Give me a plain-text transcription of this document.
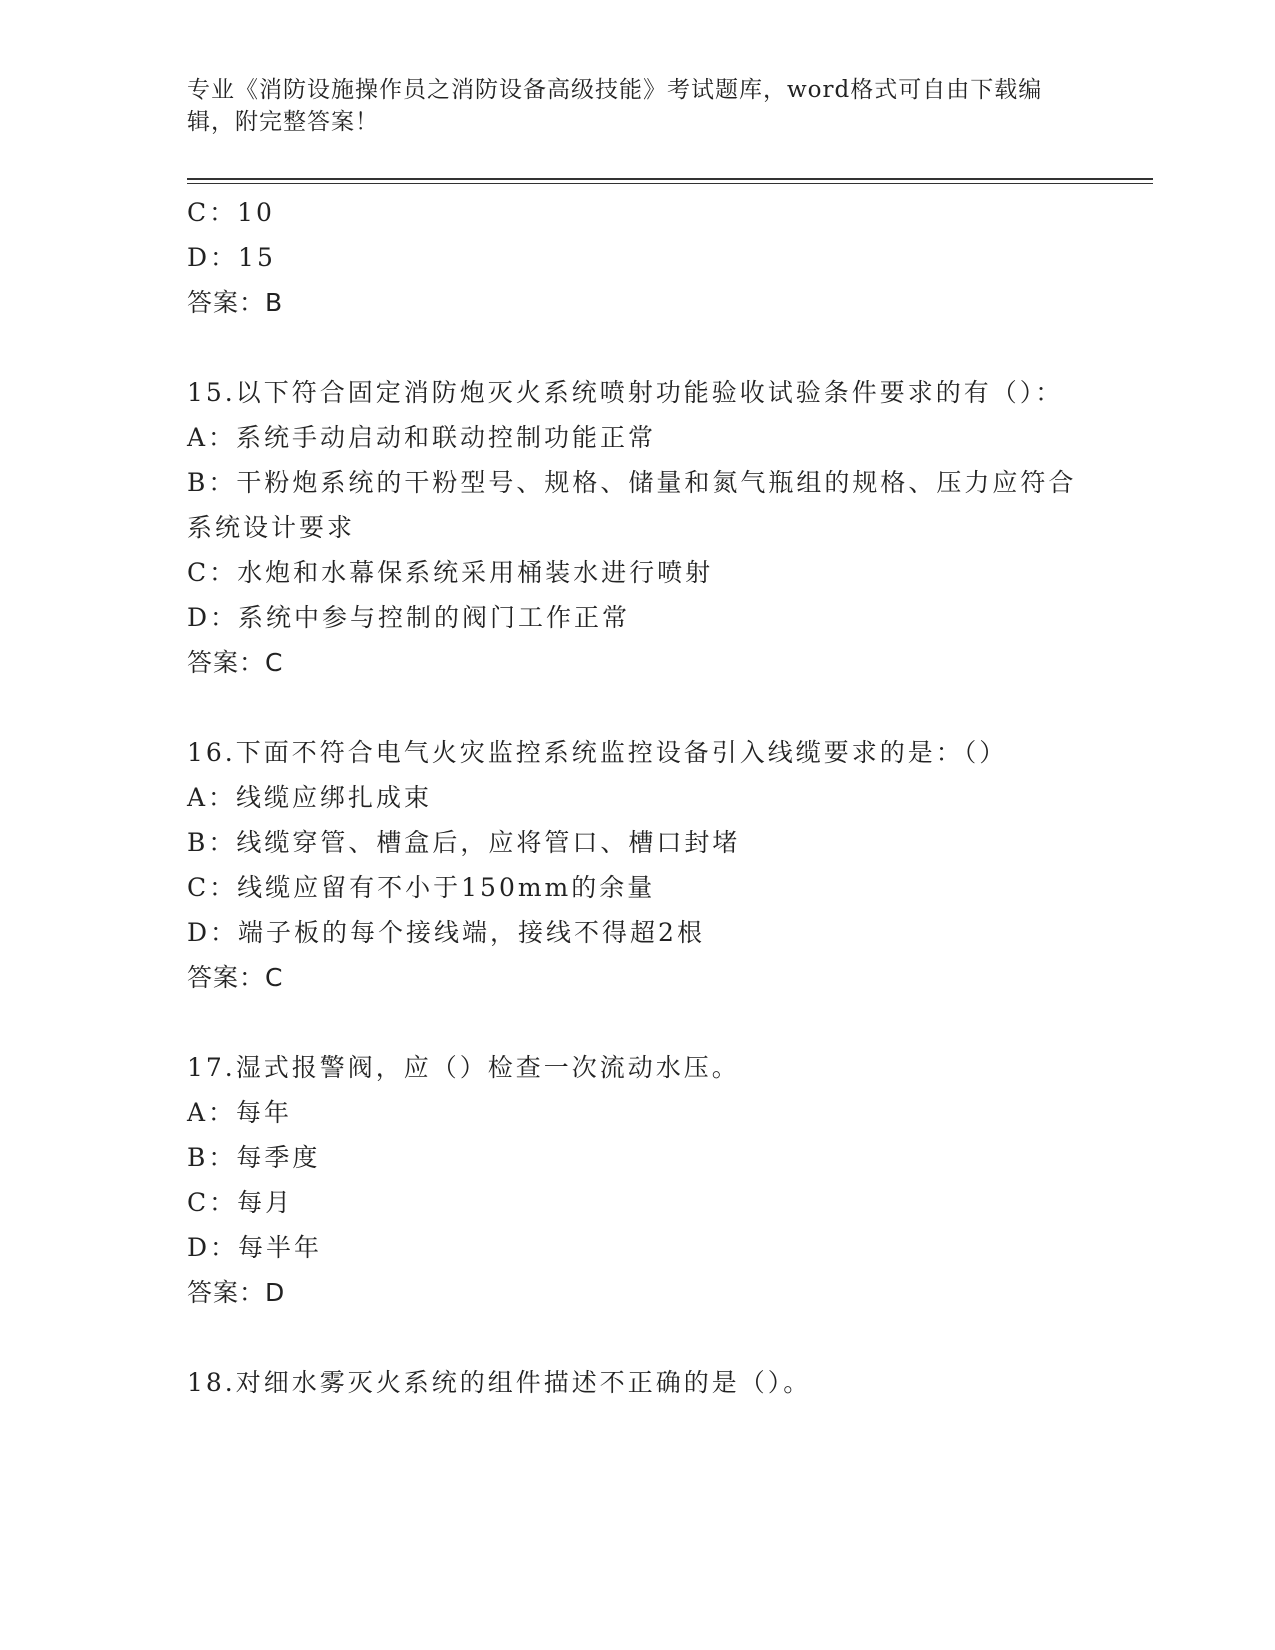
专业《消防设施操作员之消防设备高级技能》考试题库，word格式可自由下载编辑，附完整答案！
C：10
D：15
答案：B
15.以下符合固定消防炮灭火系统喷射功能验收试验条件要求的有（）：
A：系统手动启动和联动控制功能正常
B：干粉炮系统的干粉型号、规格、储量和氮气瓶组的规格、压力应符合系统设计要求
C：水炮和水幕保系统采用桶装水进行喷射
D：系统中参与控制的阀门工作正常
答案：C
16.下面不符合电气火灾监控系统监控设备引入线缆要求的是：（）
A：线缆应绑扎成束
B：线缆穿管、槽盒后，应将管口、槽口封堵
C：线缆应留有不小于150mm的余量
D：端子板的每个接线端，接线不得超2根
答案：C
17.湿式报警阀，应（）检查一次流动水压。
A：每年
B：每季度
C：每月
D：每半年
答案：D
18.对细水雾灭火系统的组件描述不正确的是（）。
